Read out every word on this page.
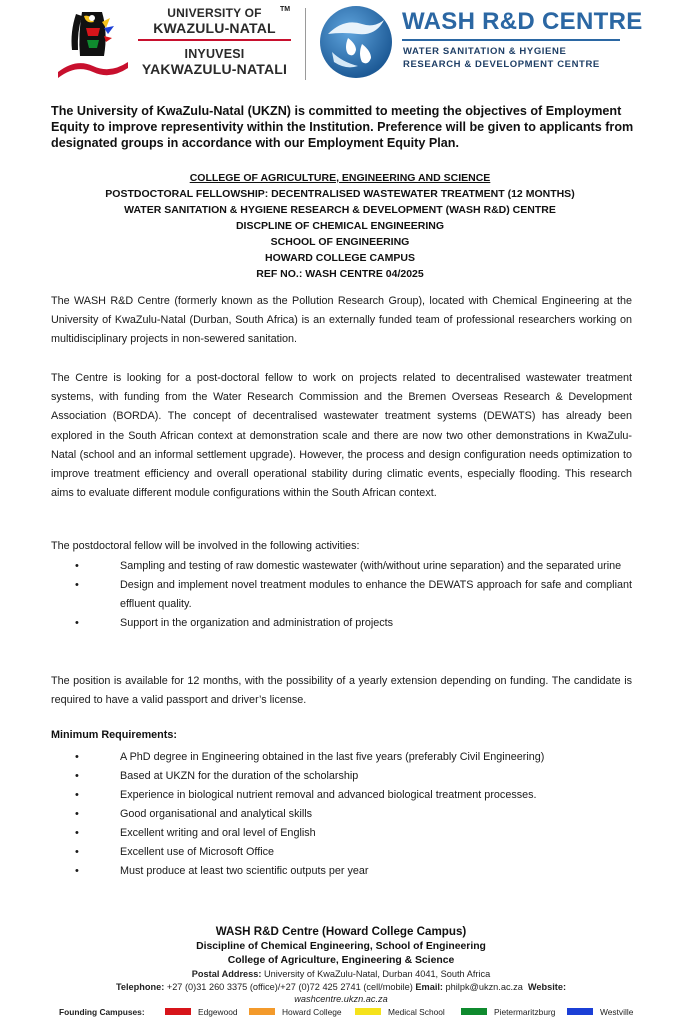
UNIVERSITY OF
KWAZULU-NATAL
INYUVESI
YAKWAZULU-NATALI
TM	WASH R&D CENTRE
WATER SANITATION & HYGIENE
RESEARCH & DEVELOPMENT CENTRE
The University of KwaZulu-Natal (UKZN) is committed to meeting the objectives of Employment Equity to improve representivity within the Institution. Preference will be given to applicants from designated groups in accordance with our Employment Equity Plan.
COLLEGE OF AGRICULTURE, ENGINEERING AND SCIENCE
POSTDOCTORAL FELLOWSHIP: DECENTRALISED WASTEWATER TREATMENT (12 MONTHS)
WATER SANITATION & HYGIENE RESEARCH & DEVELOPMENT (WASH R&D) CENTRE
DISCPLINE OF CHEMICAL ENGINEERING
SCHOOL OF ENGINEERING
HOWARD COLLEGE CAMPUS
REF NO.: WASH CENTRE 04/2025

The WASH R&D Centre (formerly known as the Pollution Research Group), located with Chemical Engineering at the University of KwaZulu-Natal (Durban, South Africa) is an externally funded team of professional researchers working on multidisciplinary projects in non-sewered sanitation.

The Centre is looking for a post-doctoral fellow to work on projects related to decentralised wastewater treatment systems, with funding from the Water Research Commission and the Bremen Overseas Research & Development Association (BORDA). The concept of decentralised wastewater treatment systems (DEWATS) has already been explored in the South African context at demonstration scale and there are now two other demonstrations in KwaZulu-Natal (school and an informal settlement upgrade). However, the process and design configuration needs optimization to improve treatment efficiency and overall operational stability during climatic events, especially flooding. This research aims to evaluate different module configurations within the South African context.

The postdoctoral fellow will be involved in the following activities:

•	Sampling and testing of raw domestic wastewater (with/without urine separation) and the separated urine
•	Design and implement novel treatment modules to enhance the DEWATS approach for safe and compliant effluent quality.
•	Support in the organization and administration of projects

The position is available for 12 months, with the possibility of a yearly extension depending on funding. The candidate is required to have a valid passport and driver’s license.

Minimum Requirements:
•	A PhD degree in Engineering obtained in the last five years (preferably Civil Engineering)
•	Based at UKZN for the duration of the scholarship
•	Experience in biological nutrient removal and advanced biological treatment processes.
•	Good organisational and analytical skills
•	Excellent writing and oral level of English
•	Excellent use of Microsoft Office
•	Must produce at least two scientific outputs per year
WASH R&D Centre (Howard College Campus)
Discipline of Chemical Engineering, School of Engineering
College of Agriculture, Engineering & Science
Postal Address: University of KwaZulu-Natal, Durban 4041, South Africa
Telephone: +27 (0)31 260 3375 (office)/+27 (0)72 425 2741 (cell/mobile) Email: philpk@ukzn.ac.za Website:
washcentre.ukzn.ac.za
Founding Campuses:	Edgewood	Howard College	Medical School	Pietermaritzburg	Westville
